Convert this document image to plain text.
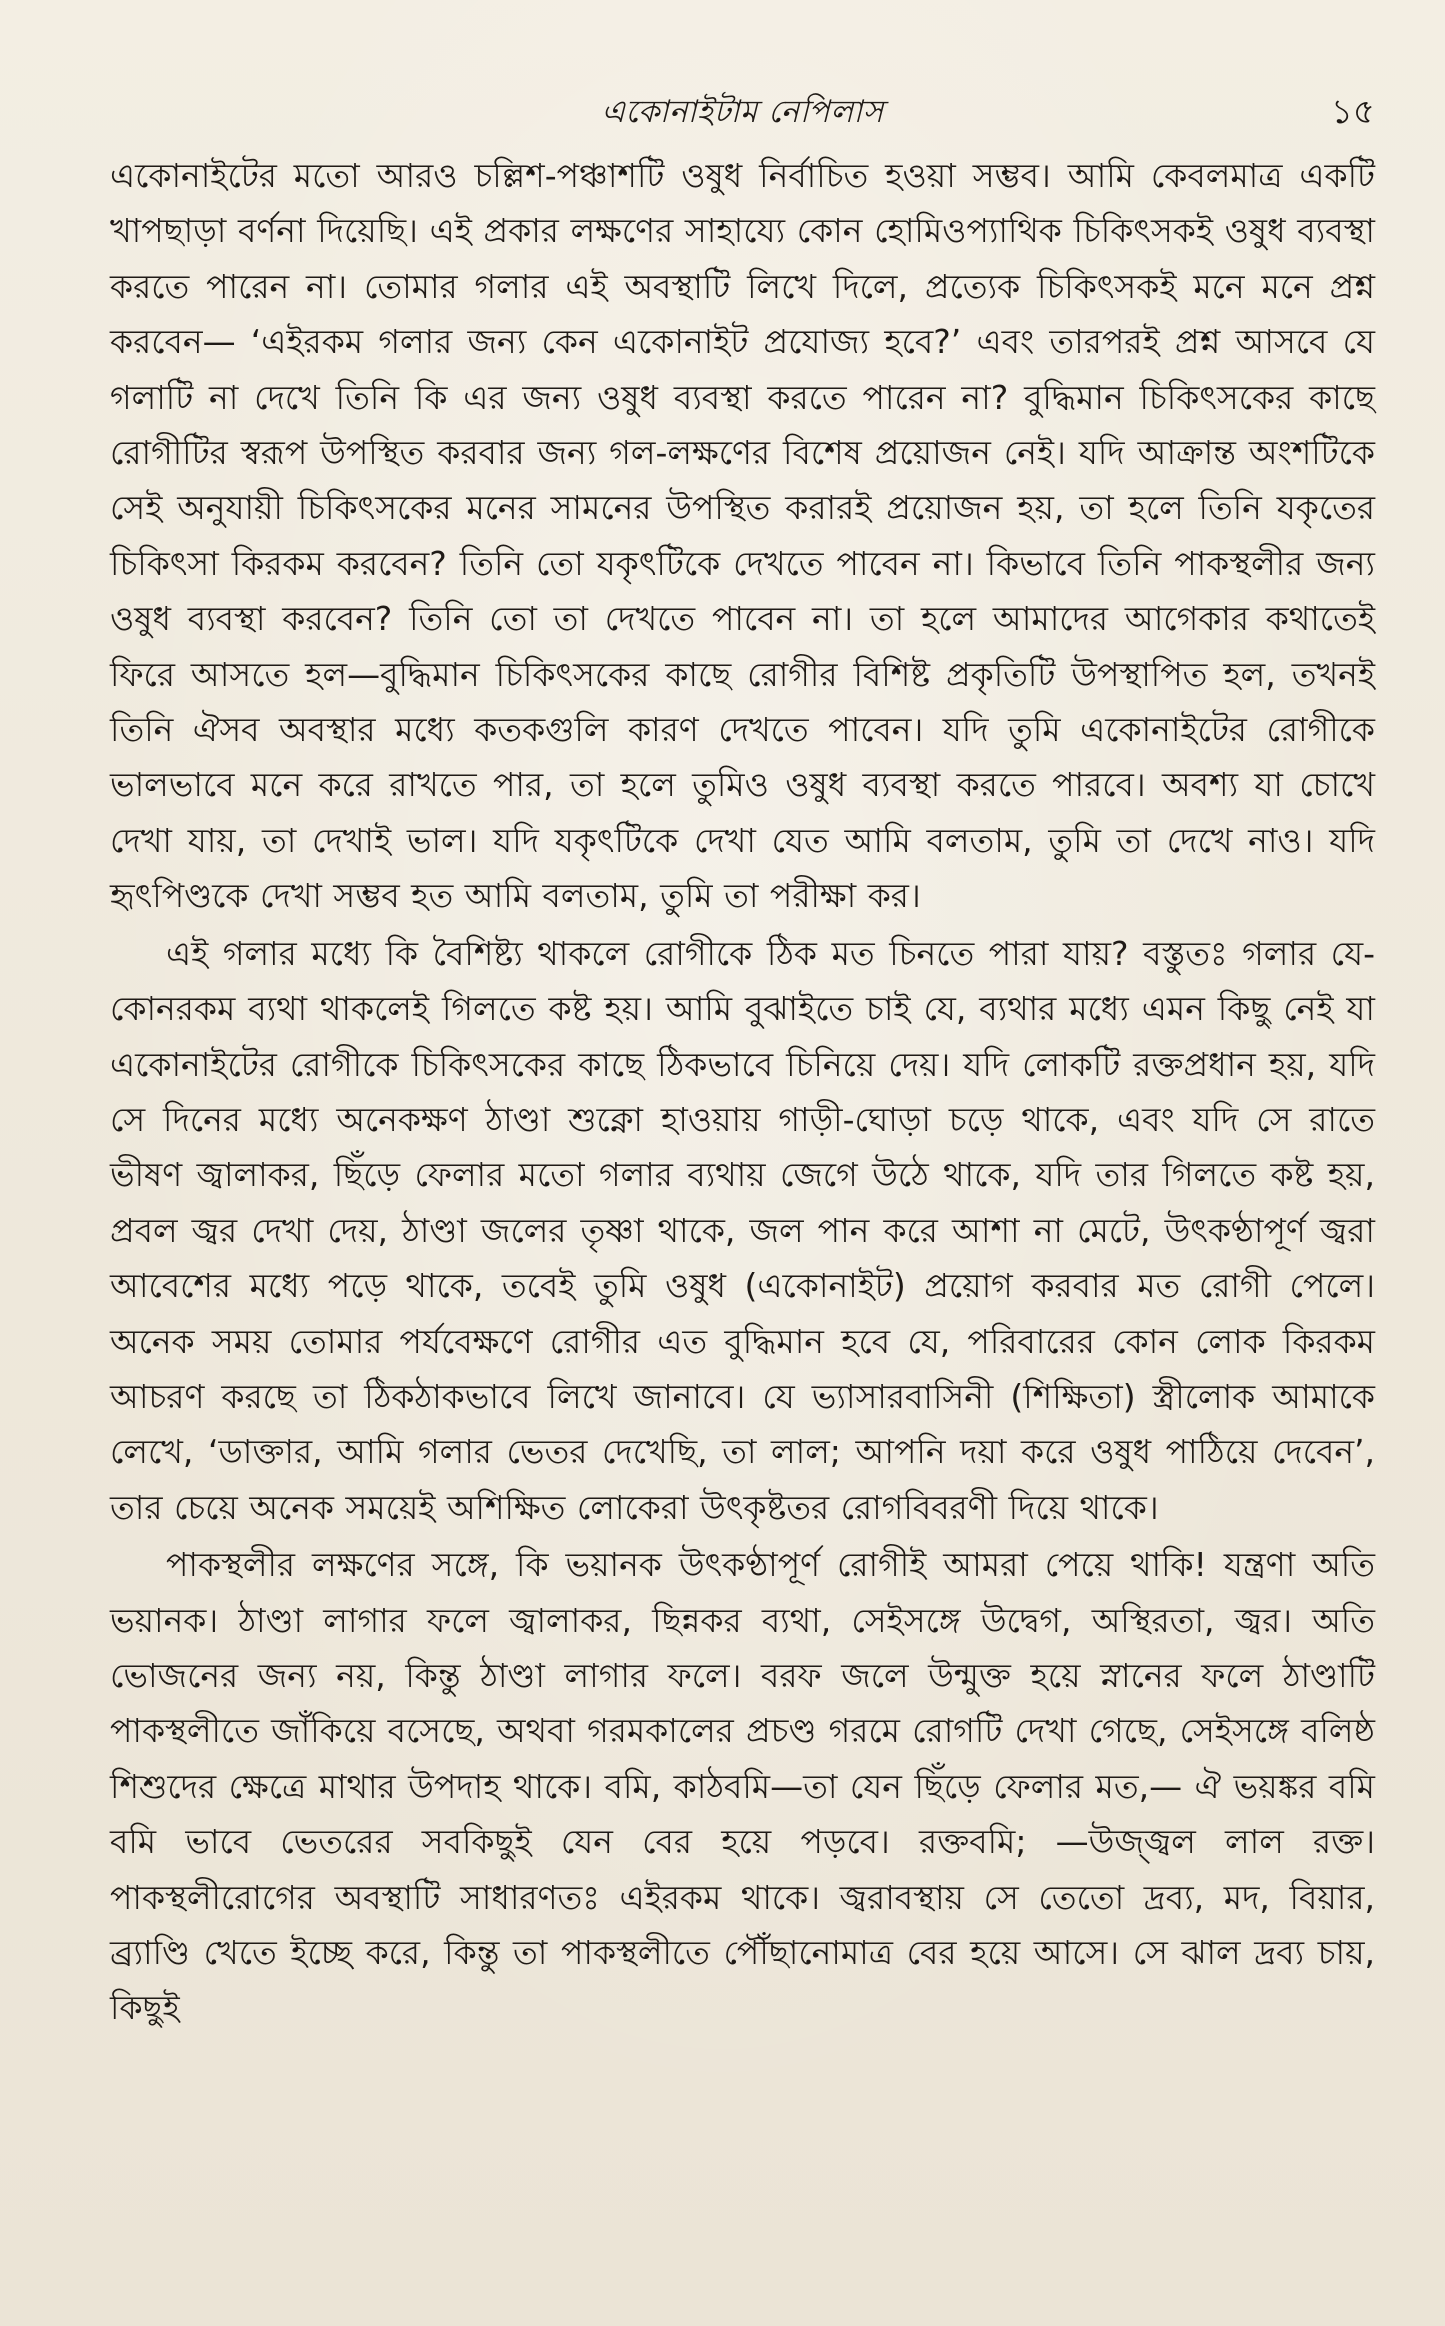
একোনাইটাম নেপিলাস	১৫

একোনাইটের মতো আরও চল্লিশ-পঞ্চাশটি ওষুধ নির্বাচিত হওয়া সম্ভব। আমি কেবলমাত্র একটি খাপছাড়া বর্ণনা দিয়েছি। এই প্রকার লক্ষণের সাহায্যে কোন হোমিওপ্যাথিক চিকিৎসকই ওষুধ ব্যবস্থা করতে পারেন না। তোমার গলার এই অবস্থাটি লিখে দিলে, প্রত্যেক চিকিৎসকই মনে মনে প্রশ্ন করবেন— ‘এইরকম গলার জন্য কেন একোনাইট প্রযোজ্য হবে?’ এবং তারপরই প্রশ্ন আসবে যে গলাটি না দেখে তিনি কি এর জন্য ওষুধ ব্যবস্থা করতে পারেন না? বুদ্ধিমান চিকিৎসকের কাছে রোগীটির স্বরূপ উপস্থিত করবার জন্য গল-লক্ষণের বিশেষ প্রয়োজন নেই। যদি আক্রান্ত অংশটিকে সেই অনুযায়ী চিকিৎসকের মনের সামনের উপস্থিত করারই প্রয়োজন হয়, তা হলে তিনি যকৃতের চিকিৎসা কিরকম করবেন? তিনি তো যকৃৎটিকে দেখতে পাবেন না। কিভাবে তিনি পাকস্থলীর জন্য ওষুধ ব্যবস্থা করবেন? তিনি তো তা দেখতে পাবেন না। তা হলে আমাদের আগেকার কথাতেই ফিরে আসতে হল—বুদ্ধিমান চিকিৎসকের কাছে রোগীর বিশিষ্ট প্রকৃতিটি উপস্থাপিত হল, তখনই তিনি ঐসব অবস্থার মধ্যে কতকগুলি কারণ দেখতে পাবেন। যদি তুমি একোনাইটের রোগীকে ভালভাবে মনে করে রাখতে পার, তা হলে তুমিও ওষুধ ব্যবস্থা করতে পারবে। অবশ্য যা চোখে দেখা যায়, তা দেখাই ভাল। যদি যকৃৎটিকে দেখা যেত আমি বলতাম, তুমি তা দেখে নাও। যদি হৃৎপিণ্ডকে দেখা সম্ভব হত আমি বলতাম, তুমি তা পরীক্ষা কর।

এই গলার মধ্যে কি বৈশিষ্ট্য থাকলে রোগীকে ঠিক মত চিনতে পারা যায়? বস্তুতঃ গলার যে-কোনরকম ব্যথা থাকলেই গিলতে কষ্ট হয়। আমি বুঝাইতে চাই যে, ব্যথার মধ্যে এমন কিছু নেই যা একোনাইটের রোগীকে চিকিৎসকের কাছে ঠিকভাবে চিনিয়ে দেয়। যদি লোকটি রক্তপ্রধান হয়, যদি সে দিনের মধ্যে অনেকক্ষণ ঠাণ্ডা শুক্নো হাওয়ায় গাড়ী-ঘোড়া চড়ে থাকে, এবং যদি সে রাতে ভীষণ জ্বালাকর, ছিঁড়ে ফেলার মতো গলার ব্যথায় জেগে উঠে থাকে, যদি তার গিলতে কষ্ট হয়, প্রবল জ্বর দেখা দেয়, ঠাণ্ডা জলের তৃষ্ণা থাকে, জল পান করে আশা না মেটে, উৎকণ্ঠাপূর্ণ জ্বরা আবেশের মধ্যে পড়ে থাকে, তবেই তুমি ওষুধ (একোনাইট) প্রয়োগ করবার মত রোগী পেলে। অনেক সময় তোমার পর্যবেক্ষণে রোগীর এত বুদ্ধিমান হবে যে, পরিবারের কোন লোক কিরকম আচরণ করছে তা ঠিকঠাকভাবে লিখে জানাবে। যে ভ্যাসারবাসিনী (শিক্ষিতা) স্ত্রীলোক আমাকে লেখে, ‘ডাক্তার, আমি গলার ভেতর দেখেছি, তা লাল; আপনি দয়া করে ওষুধ পাঠিয়ে দেবেন’, তার চেয়ে অনেক সময়েই অশিক্ষিত লোকেরা উৎকৃষ্টতর রোগবিবরণী দিয়ে থাকে।

পাকস্থলীর লক্ষণের সঙ্গে, কি ভয়ানক উৎকণ্ঠাপূর্ণ রোগীই আমরা পেয়ে থাকি! যন্ত্রণা অতি ভয়ানক। ঠাণ্ডা লাগার ফলে জ্বালাকর, ছিন্নকর ব্যথা, সেইসঙ্গে উদ্বেগ, অস্থিরতা, জ্বর। অতি ভোজনের জন্য নয়, কিন্তু ঠাণ্ডা লাগার ফলে। বরফ জলে উন্মুক্ত হয়ে স্নানের ফলে ঠাণ্ডাটি পাকস্থলীতে জাঁকিয়ে বসেছে, অথবা গরমকালের প্রচণ্ড গরমে রোগটি দেখা গেছে, সেইসঙ্গে বলিষ্ঠ শিশুদের ক্ষেত্রে মাথার উপদাহ থাকে। বমি, কাঠবমি—তা যেন ছিঁড়ে ফেলার মত,— ঐ ভয়ঙ্কর বমি বমি ভাবে ভেতরের সবকিছুই যেন বের হয়ে পড়বে। রক্তবমি; —উজ্জ্বল লাল রক্ত। পাকস্থলীরোগের অবস্থাটি সাধারণতঃ এইরকম থাকে। জ্বরাবস্থায় সে তেতো দ্রব্য, মদ, বিয়ার, ব্র্যাণ্ডি খেতে ইচ্ছে করে, কিন্তু তা পাকস্থলীতে পৌঁছানোমাত্র বের হয়ে আসে। সে ঝাল দ্রব্য চায়, কিছুই
